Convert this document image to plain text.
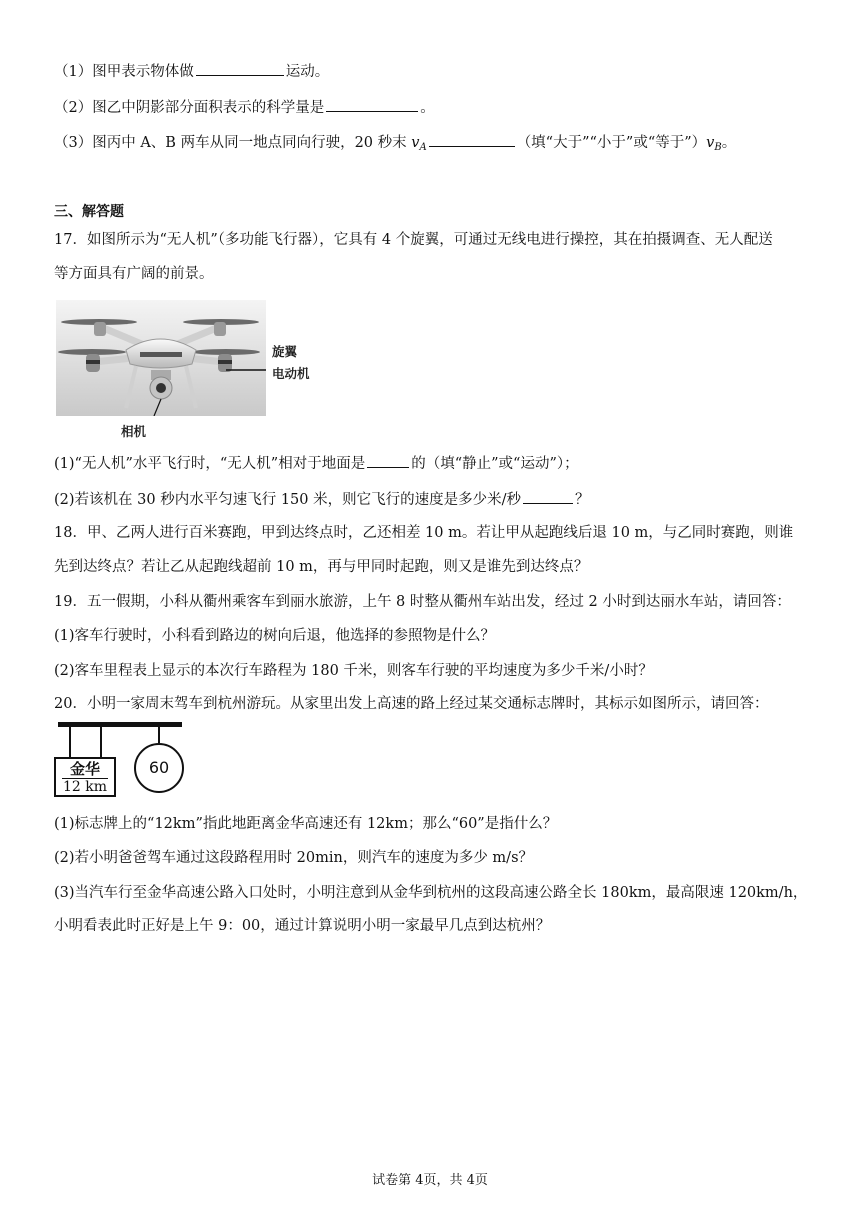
（1）图甲表示物体做	运动。
（2）图乙中阴影部分面积表示的科学量是	。
（3）图丙中 A、B 两车从同一地点同向行驶，20 秒末 $v_A$	（填“大于”“小于”或“等于$”)v_B$。
三、解答题
17．如图所示为“无人机”（多功能飞行器），它具有 4 个旋翼，可通过无线电进行操控，其在拍摄调查、无人配送
等方面具有广阔的前景。
旋翼
电动机
相机
(1)“无人机”水平飞行时，“无人机”相对于地面是	的（填“静止”或“运动”）；
(2)若该机在 30 秒内水平匀速飞行 150 米，则它飞行的速度是多少米/秒	？
18．甲、乙两人进行百米赛跑，甲到达终点时，乙还相差 10 m。若让甲从起跑线后退 10 m，与乙同时赛跑，则谁
先到达终点？若让乙从起跑线超前 10 m，再与甲同时起跑，则又是谁先到达终点？
19．五一假期，小科从衢州乘客车到丽水旅游，上午 8 时整从衢州车站出发，经过 2 小时到达丽水车站，请回答：
(1)客车行驶时，小科看到路边的树向后退，他选择的参照物是什么？
(2)客车里程表上显示的本次行车路程为 180 千米，则客车行驶的平均速度为多少千米/小时？
20．小明一家周末驾车到杭州游玩。从家里出发上高速的路上经过某交通标志牌时，其标示如图所示，请回答：
金华
12 km
60
(1)标志牌上的“12km”指此地距离金华高速还有 12km；那么“60”是指什么？
(2)若小明爸爸驾车通过这段路程用时 20min，则汽车的速度为多少 m/s？
(3)当汽车行至金华高速公路入口处时，小明注意到从金华到杭州的这段高速公路全长 180km，最高限速 120km/h，
小明看表此时正好是上午 9：00，通过计算说明小明一家最早几点到达杭州？
试卷第 4页，共 4页
